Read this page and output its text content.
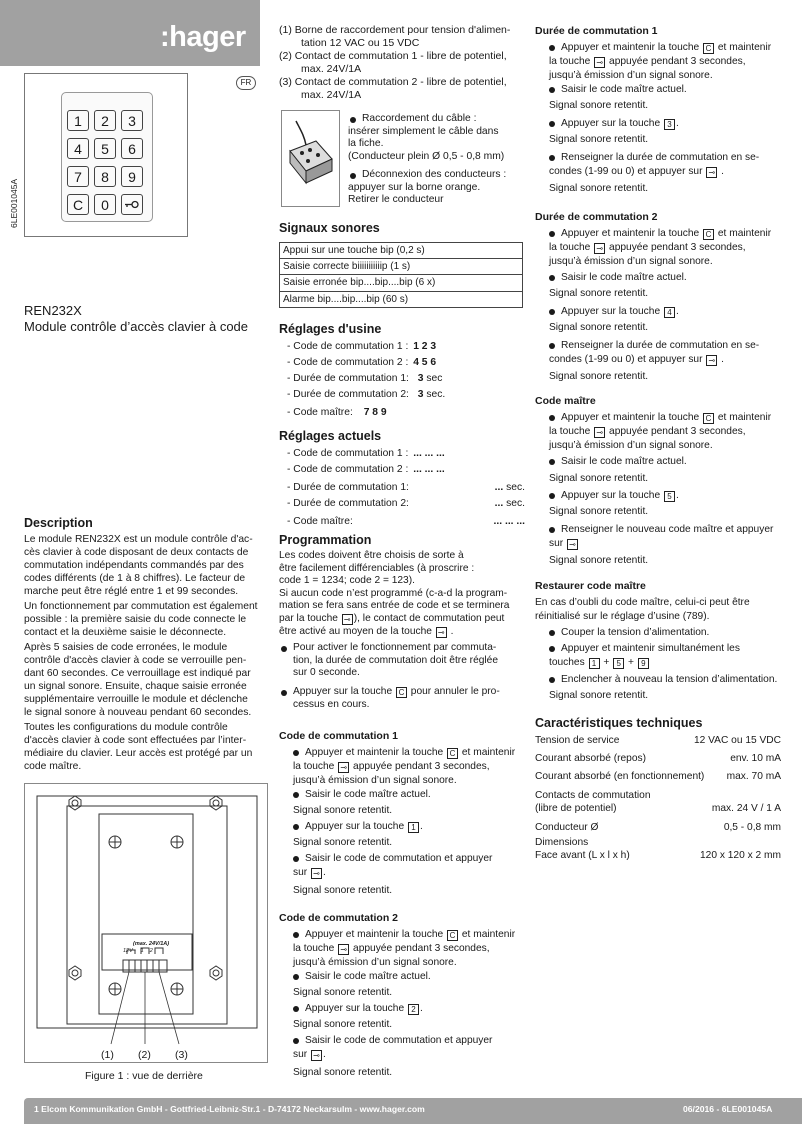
:hager
FR
6LE001045A
1	2	3
4	5	6
7	8	9
C	0
REN232X
Module contrôle d’accès clavier à code
Description

Le module REN232X est un module contrôle d'ac-
cès clavier à code disposant de deux contacts de
commutation indépendants commandés par des
codes différents (de 1 à 8 chiffres). Le facteur de
marche peut être réglé entre 1 et 99 secondes.

Un fonctionnement par commutation est également
possible : la première saisie du code connecte le
contact et la deuxième saisie le déconnecte.

Après 5 saisies de code erronées, le module
contrôle d'accès clavier à code se verrouille pen-
dant 60 secondes. Ce verrouillage est indiqué par
un signal sonore. Ensuite, chaque saisie erronée
supplémentaire verrouille le module et déclenche
le signal sonore à nouveau pendant 60 secondes.

Toutes les configurations du module contrôle
d'accès clavier à code sont effectuées par l’inter-
médiaire du clavier. Leur accès est protégé par un
code maître.

(max. 24V/1A)
12V~   1    2
(1) (2) (3)
Figure 1 : vue de derrière
(1) Borne de raccordement pour tension d'alimen-
tation 12 VAC ou 15 VDC
(2) Contact de commutation 1 - libre de potentiel,
max. 24V/1A
(3) Contact de commutation 2 - libre de potentiel,
max. 24V/1A
Raccordement du câble :
insérer simplement le câble dans
la fiche.
(Conducteur plein Ø 0,5 - 0,8 mm)
Déconnexion des conducteurs :
appuyer sur la borne orange.
Retirer le conducteur
Signaux sonores
Appui sur une touche bip (0,2 s)
Saisie correcte biiiiiiiiiiip (1 s)
Saisie erronée bip....bip....bip (6 x)
Alarme bip....bip....bip (60 s)
Réglages d'usine
- Code de commutation 1 : 1 2 3
- Code de commutation 2 : 4 5 6
- Durée de commutation 1: 3 sec
- Durée de commutation 2: 3 sec.
- Code maître: 7 8 9
Réglages actuels
- Code de commutation 1 : ... ... ...
- Code de commutation 2 : ... ... ...
- Durée de commutation 1:	... sec.
- Durée de commutation 2:	... sec.
- Code maître:	... ... ...
Programmation
Les codes doivent être choisis de sorte à
être facilement différenciables (à proscrire :
code 1 = 1234; code 2 = 123).
Si aucun code n’est programmé (c-a-d la program-
mation se fera sans entrée de code et se terminera
par la touche ⊸ ), le contact de commutation peut
être activé au moyen de la touche ⊸ .
Pour activer le fonctionnement par commuta-
tion, la durée de commutation doit être réglée
sur 0 seconde.
Appuyer sur la touche C pour annuler le pro-
cessus en cours.
Code de commutation 1
Appuyer et maintenir la touche C et maintenir
la touche ⊸ appuyée pendant 3 secondes,
jusqu’à émission d’un signal sonore.
Saisir le code maître actuel.
Signal sonore retentit.
Appuyer sur la touche 1 .
Signal sonore retentit.
Saisir le code de commutation et appuyer
sur ⊸ .
Signal sonore retentit.
Code de commutation 2
Appuyer et maintenir la touche C et maintenir
la touche ⊸ appuyée pendant 3 secondes,
jusqu’à émission d’un signal sonore.
Saisir le code maître actuel.
Signal sonore retentit.
Appuyer sur la touche 2 .
Signal sonore retentit.
Saisir le code de commutation et appuyer
sur ⊸ .
Signal sonore retentit.
Durée de commutation 1
Appuyer et maintenir la touche C et maintenir
la touche ⊸ appuyée pendant 3 secondes,
jusqu’à émission d’un signal sonore.
Saisir le code maître actuel.
Signal sonore retentit.
Appuyer sur la touche 3 .
Signal sonore retentit.
Renseigner la durée de commutation en se-
condes (1-99 ou 0) et appuyer sur ⊸ .
Signal sonore retentit.
Durée de commutation 2
Appuyer et maintenir la touche C et maintenir
la touche ⊸ appuyée pendant 3 secondes,
jusqu’à émission d’un signal sonore.
Saisir le code maître actuel.
Signal sonore retentit.
Appuyer sur la touche 4 .
Signal sonore retentit.
Renseigner la durée de commutation en se-
condes (1-99 ou 0) et appuyer sur ⊸ .
Signal sonore retentit.
Code maître
Appuyer et maintenir la touche C et maintenir
la touche ⊸ appuyée pendant 3 secondes,
jusqu’à émission d’un signal sonore.
Saisir le code maître actuel.
Signal sonore retentit.
Appuyer sur la touche 5 .
Signal sonore retentit.
Renseigner le nouveau code maître et appuyer
sur ⊸
Signal sonore retentit.
Restaurer code maître
En cas d’oubli du code maître, celui-ci peut être
réinitialisé sur le réglage d’usine (789).
Couper la tension d’alimentation.
Appuyer et maintenir simultanément les
touches 1 + 5 + 9
Enclencher à nouveau la tension d’alimentation.
Signal sonore retentit.
Caractéristiques techniques
Tension de service	12 VAC ou 15 VDC
Courant absorbé (repos)	env. 10 mA
Courant absorbé (en fonctionnement) max. 70 mA
Contacts de commutation
(libre de potentiel)	max. 24 V / 1 A
Conducteur Ø	0,5 - 0,8 mm
Dimensions
Face avant (L x l x h)	120 x 120 x 2 mm
1 Elcom Kommunikation GmbH - Gottfried-Leibniz-Str.1 - D-74172 Neckarsulm - www.hager.com	06/2016 - 6LE001045A
